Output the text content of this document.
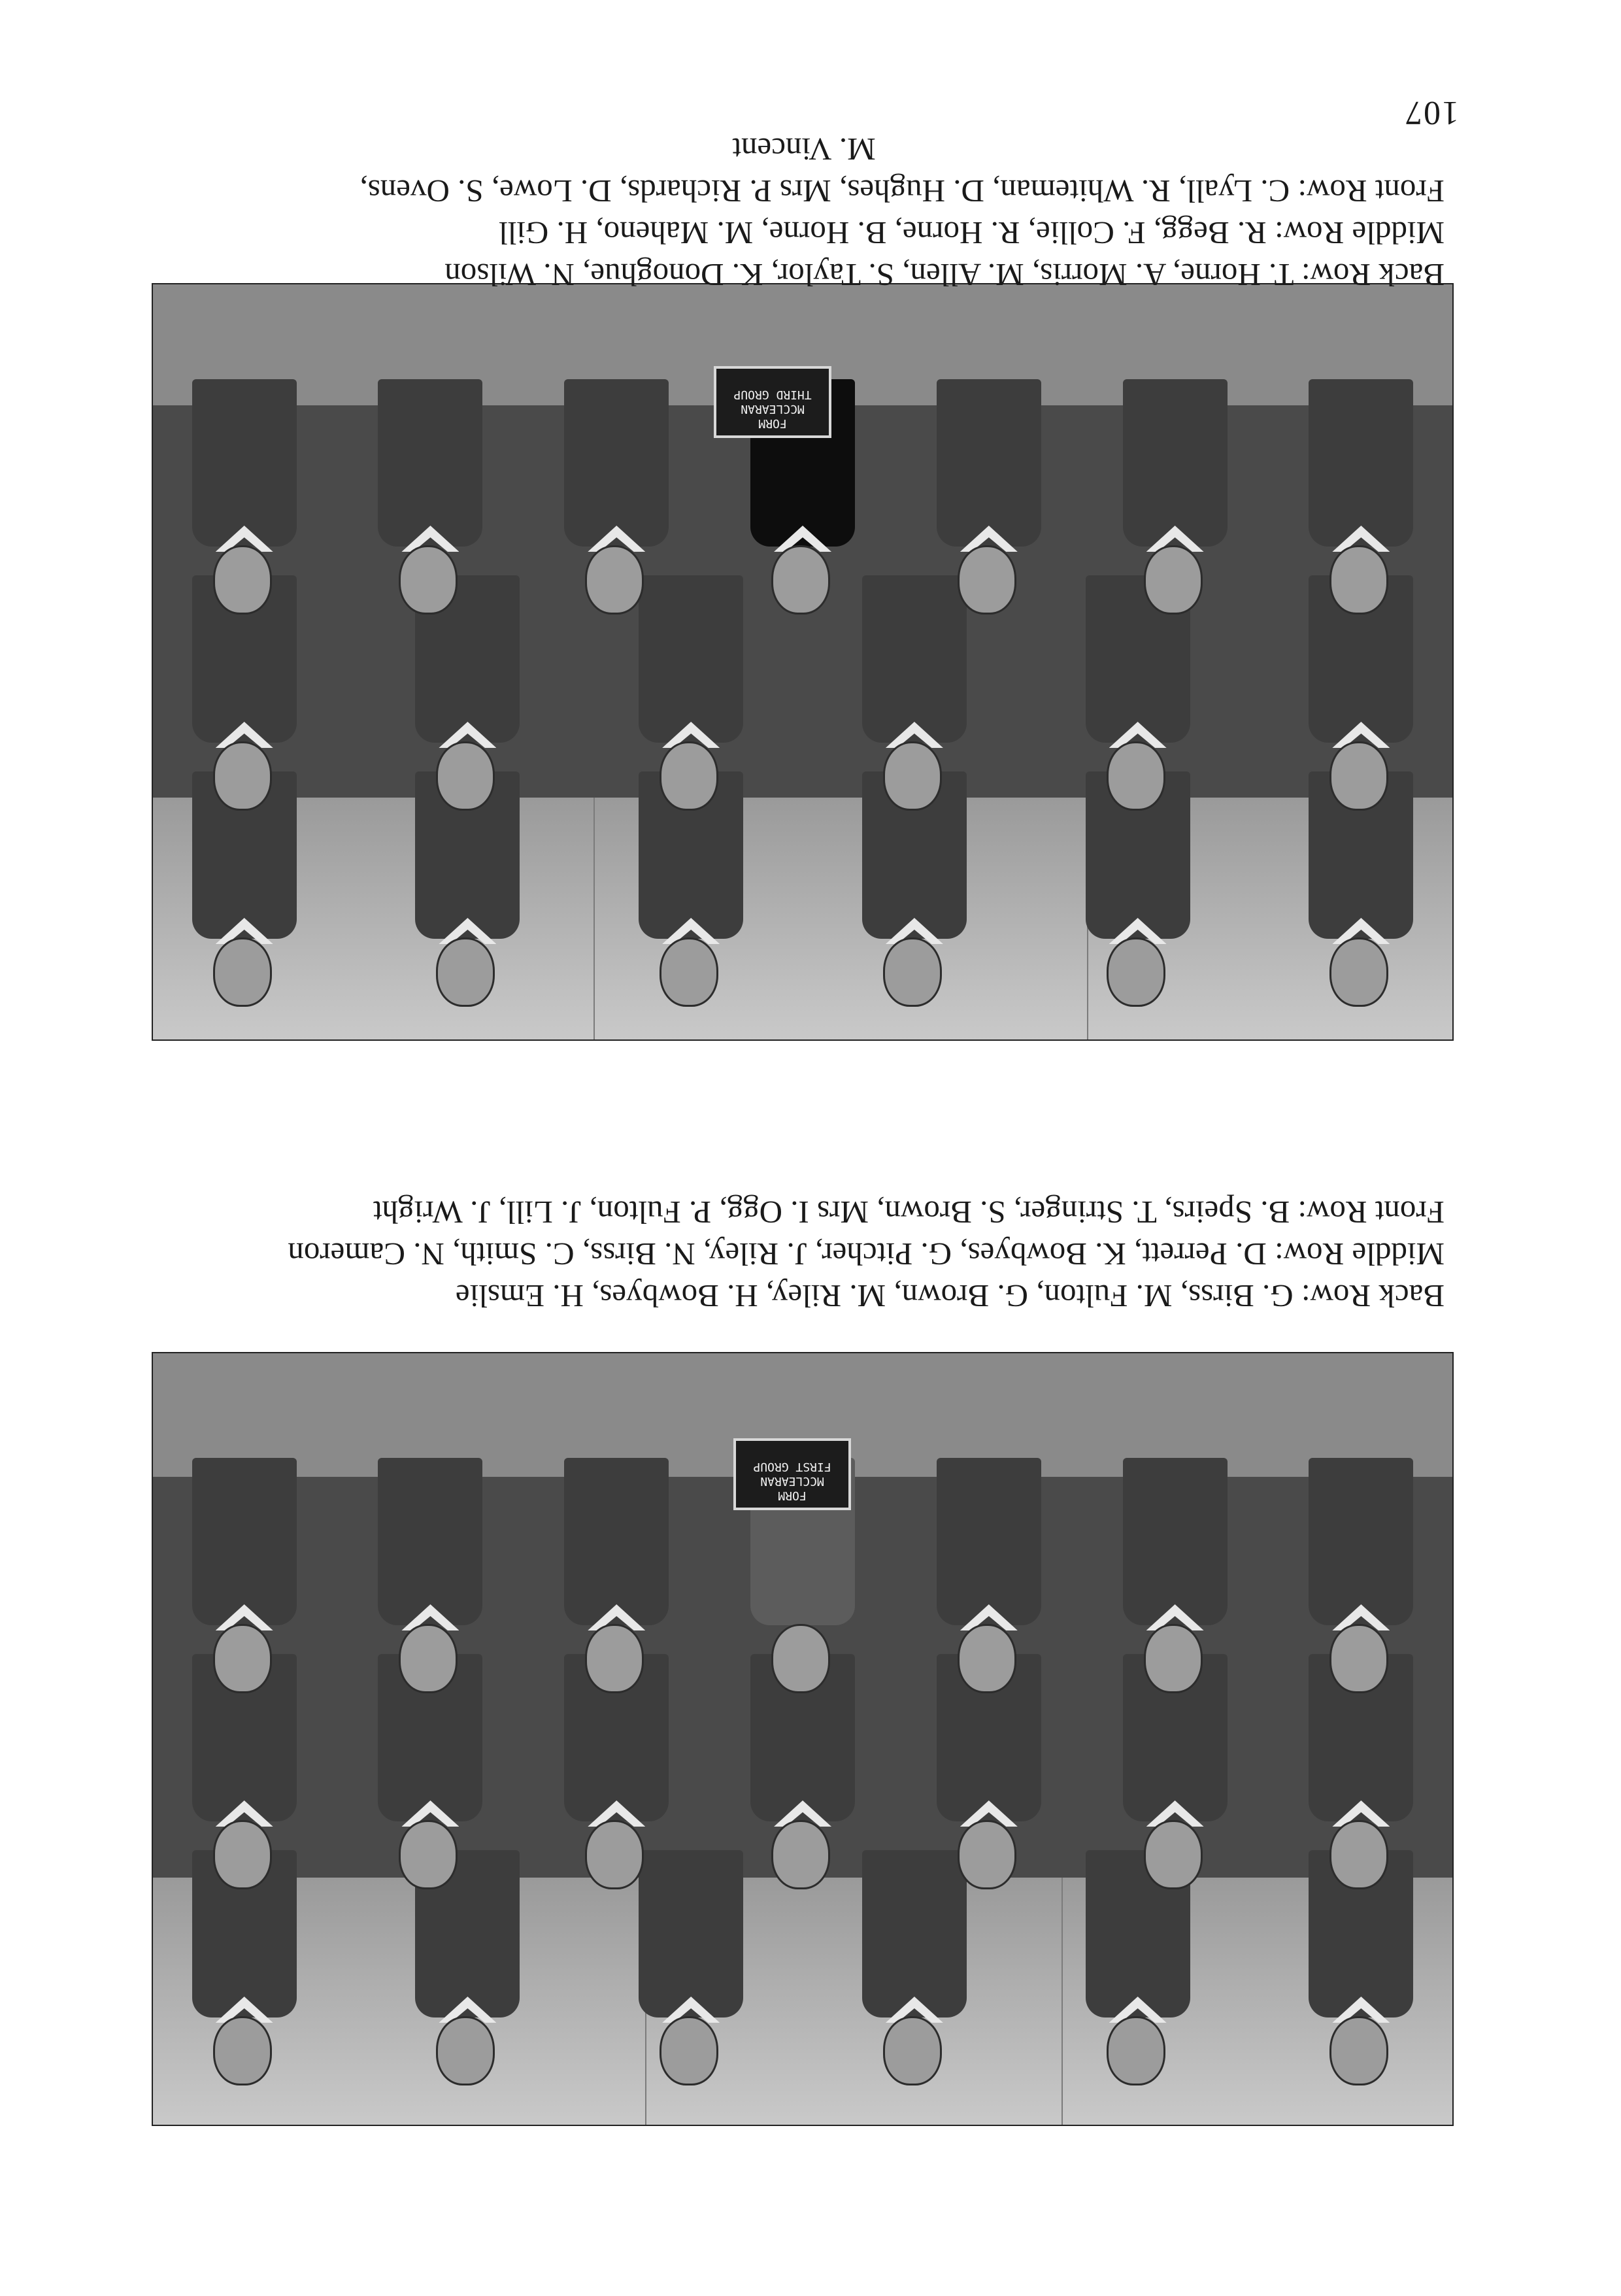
FORM
MCCLEARAN
FIRST GROUP
Back Row: G. Birss, M. Fulton, G. Brown, M. Riley, H. Bowbyes, H. Emslie
Middle Row: D. Perrett, K. Bowbyes, G. Pitcher, J. Riley, N. Birss, C. Smith, N. Cameron
Front Row: B. Speirs, T. Stringer, S. Brown, Mrs I. Ogg, P. Fulton, J. Lill, J. Wright
FORM
MCCLEARAN
THIRD GROUP
Back Row: T. Horne, A. Morris, M. Allen, S. Taylor, K. Donoghue, N. Wilson
Middle Row: R. Begg, F. Collie, R. Horne, B. Horne, M. Maheno, H. Gill
Front Row: C. Lyall, R. Whiteman, D. Hughes, Mrs P. Richards, D. Lowe, S. Ovens,
M. Vincent
107
